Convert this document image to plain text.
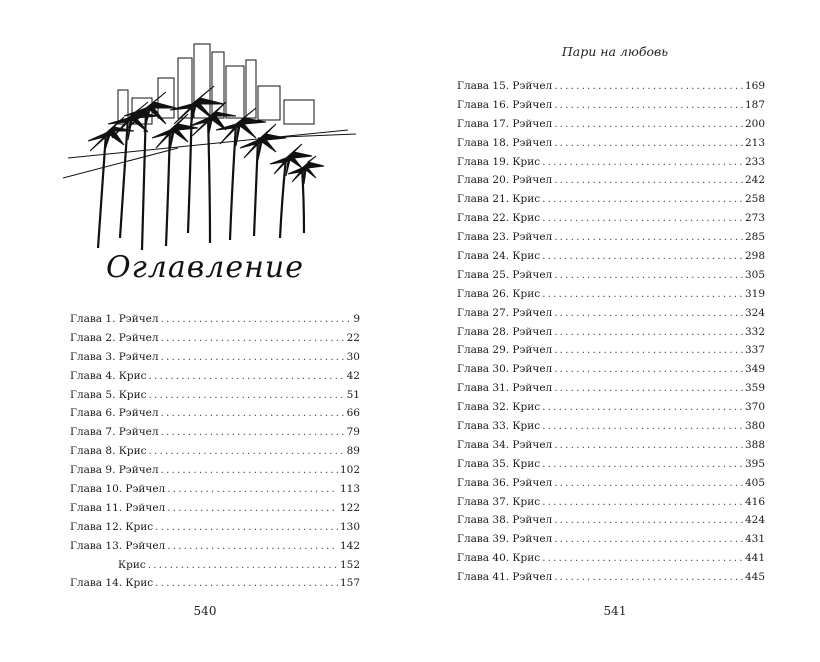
Оглавление
Глава 1. Рэйчел . . .	9
Глава 2. Рэйчел . . .	22
Глава 3. Рэйчел . . .	30
Глава 4. Крис . . .	42
Глава 5. Крис . . .	51
Глава 6. Рэйчел . . .	66
Глава 7. Рэйчел . . .	79
Глава 8. Крис . . .	89
Глава 9. Рэйчел . . .	102
Глава 10. Рэйчел . . .	113
Глава 11. Рэйчел . . .	122
Глава 12. Крис . . .	130
Глава 13. Рэйчел . . .	142
Крис . . .	152
Глава 14. Крис . . .	157
540
Пари на любовь
Глава 15. Рэйчел . . .	169
Глава 16. Рэйчел . . .	187
Глава 17. Рэйчел . . .	200
Глава 18. Рэйчел . . .	213
Глава 19. Крис . . .	233
Глава 20. Рэйчел . . .	242
Глава 21. Крис . . .	258
Глава 22. Крис . . .	273
Глава 23. Рэйчел . . .	285
Глава 24. Крис . . .	298
Глава 25. Рэйчел . . .	305
Глава 26. Крис . . .	319
Глава 27. Рэйчел . . .	324
Глава 28. Рэйчел . . .	332
Глава 29. Рэйчел . . .	337
Глава 30. Рэйчел . . .	349
Глава 31. Рэйчел . . .	359
Глава 32. Крис . . .	370
Глава 33. Крис . . .	380
Глава 34. Рэйчел . . .	388
Глава 35. Крис . . .	395
Глава 36. Рэйчел . . .	405
Глава 37. Крис . . .	416
Глава 38. Рэйчел . . .	424
Глава 39. Рэйчел . . .	431
Глава 40. Крис . . .	441
Глава 41. Рэйчел . . .	445
541
